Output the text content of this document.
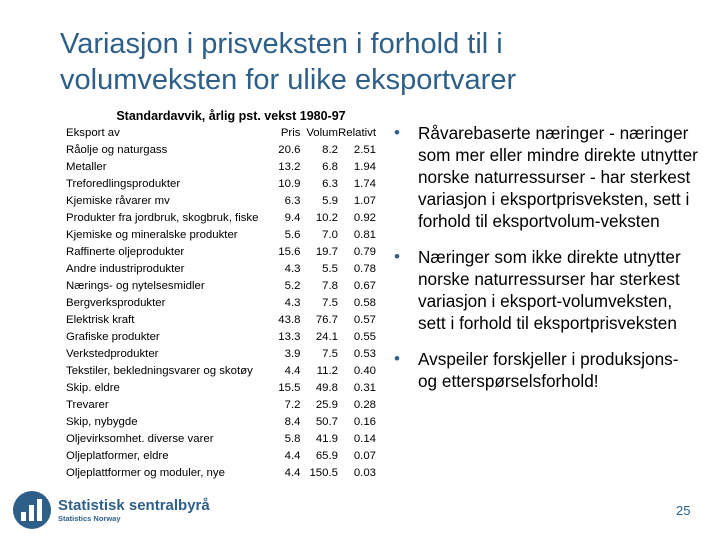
Variasjon i prisveksten i forhold til i volumveksten for ulike eksportvarer
Standardavvik, årlig pst. vekst 1980-97
Eksport av	Pris	Volum	Relativt
Råolje og naturgass	20.6	8.2	2.51
Metaller	13.2	6.8	1.94
Treforedlingsprodukter	10.9	6.3	1.74
Kjemiske råvarer mv	6.3	5.9	1.07
Produkter fra jordbruk, skogbruk, fiske	9.4	10.2	0.92
Kjemiske og mineralske produkter	5.6	7.0	0.81
Raffinerte oljeprodukter	15.6	19.7	0.79
Andre industriprodukter	4.3	5.5	0.78
Nærings- og nytelsesmidler	5.2	7.8	0.67
Bergverksprodukter	4.3	7.5	0.58
Elektrisk kraft	43.8	76.7	0.57
Grafiske produkter	13.3	24.1	0.55
Verkstedprodukter	3.9	7.5	0.53
Tekstiler, bekledningsvarer og skotøy	4.4	11.2	0.40
Skip. eldre	15.5	49.8	0.31
Trevarer	7.2	25.9	0.28
Skip, nybygde	8.4	50.7	0.16
Oljevirksomhet. diverse varer	5.8	41.9	0.14
Oljeplatformer, eldre	4.4	65.9	0.07
Oljeplattformer og moduler, nye	4.4	150.5	0.03
• Råvarebaserte næringer - næringer som mer eller mindre direkte utnytter norske naturressurser - har sterkest variasjon i eksportprisveksten, sett i forhold til eksportvolum-veksten
• Næringer som ikke direkte utnytter norske naturressurser har sterkest variasjon i eksport-volumveksten, sett i forhold til eksportprisveksten
• Avspeiler forskjeller i produksjons- og etterspørselsforhold!
Statistisk sentralbyrå
Statistics Norway
25
